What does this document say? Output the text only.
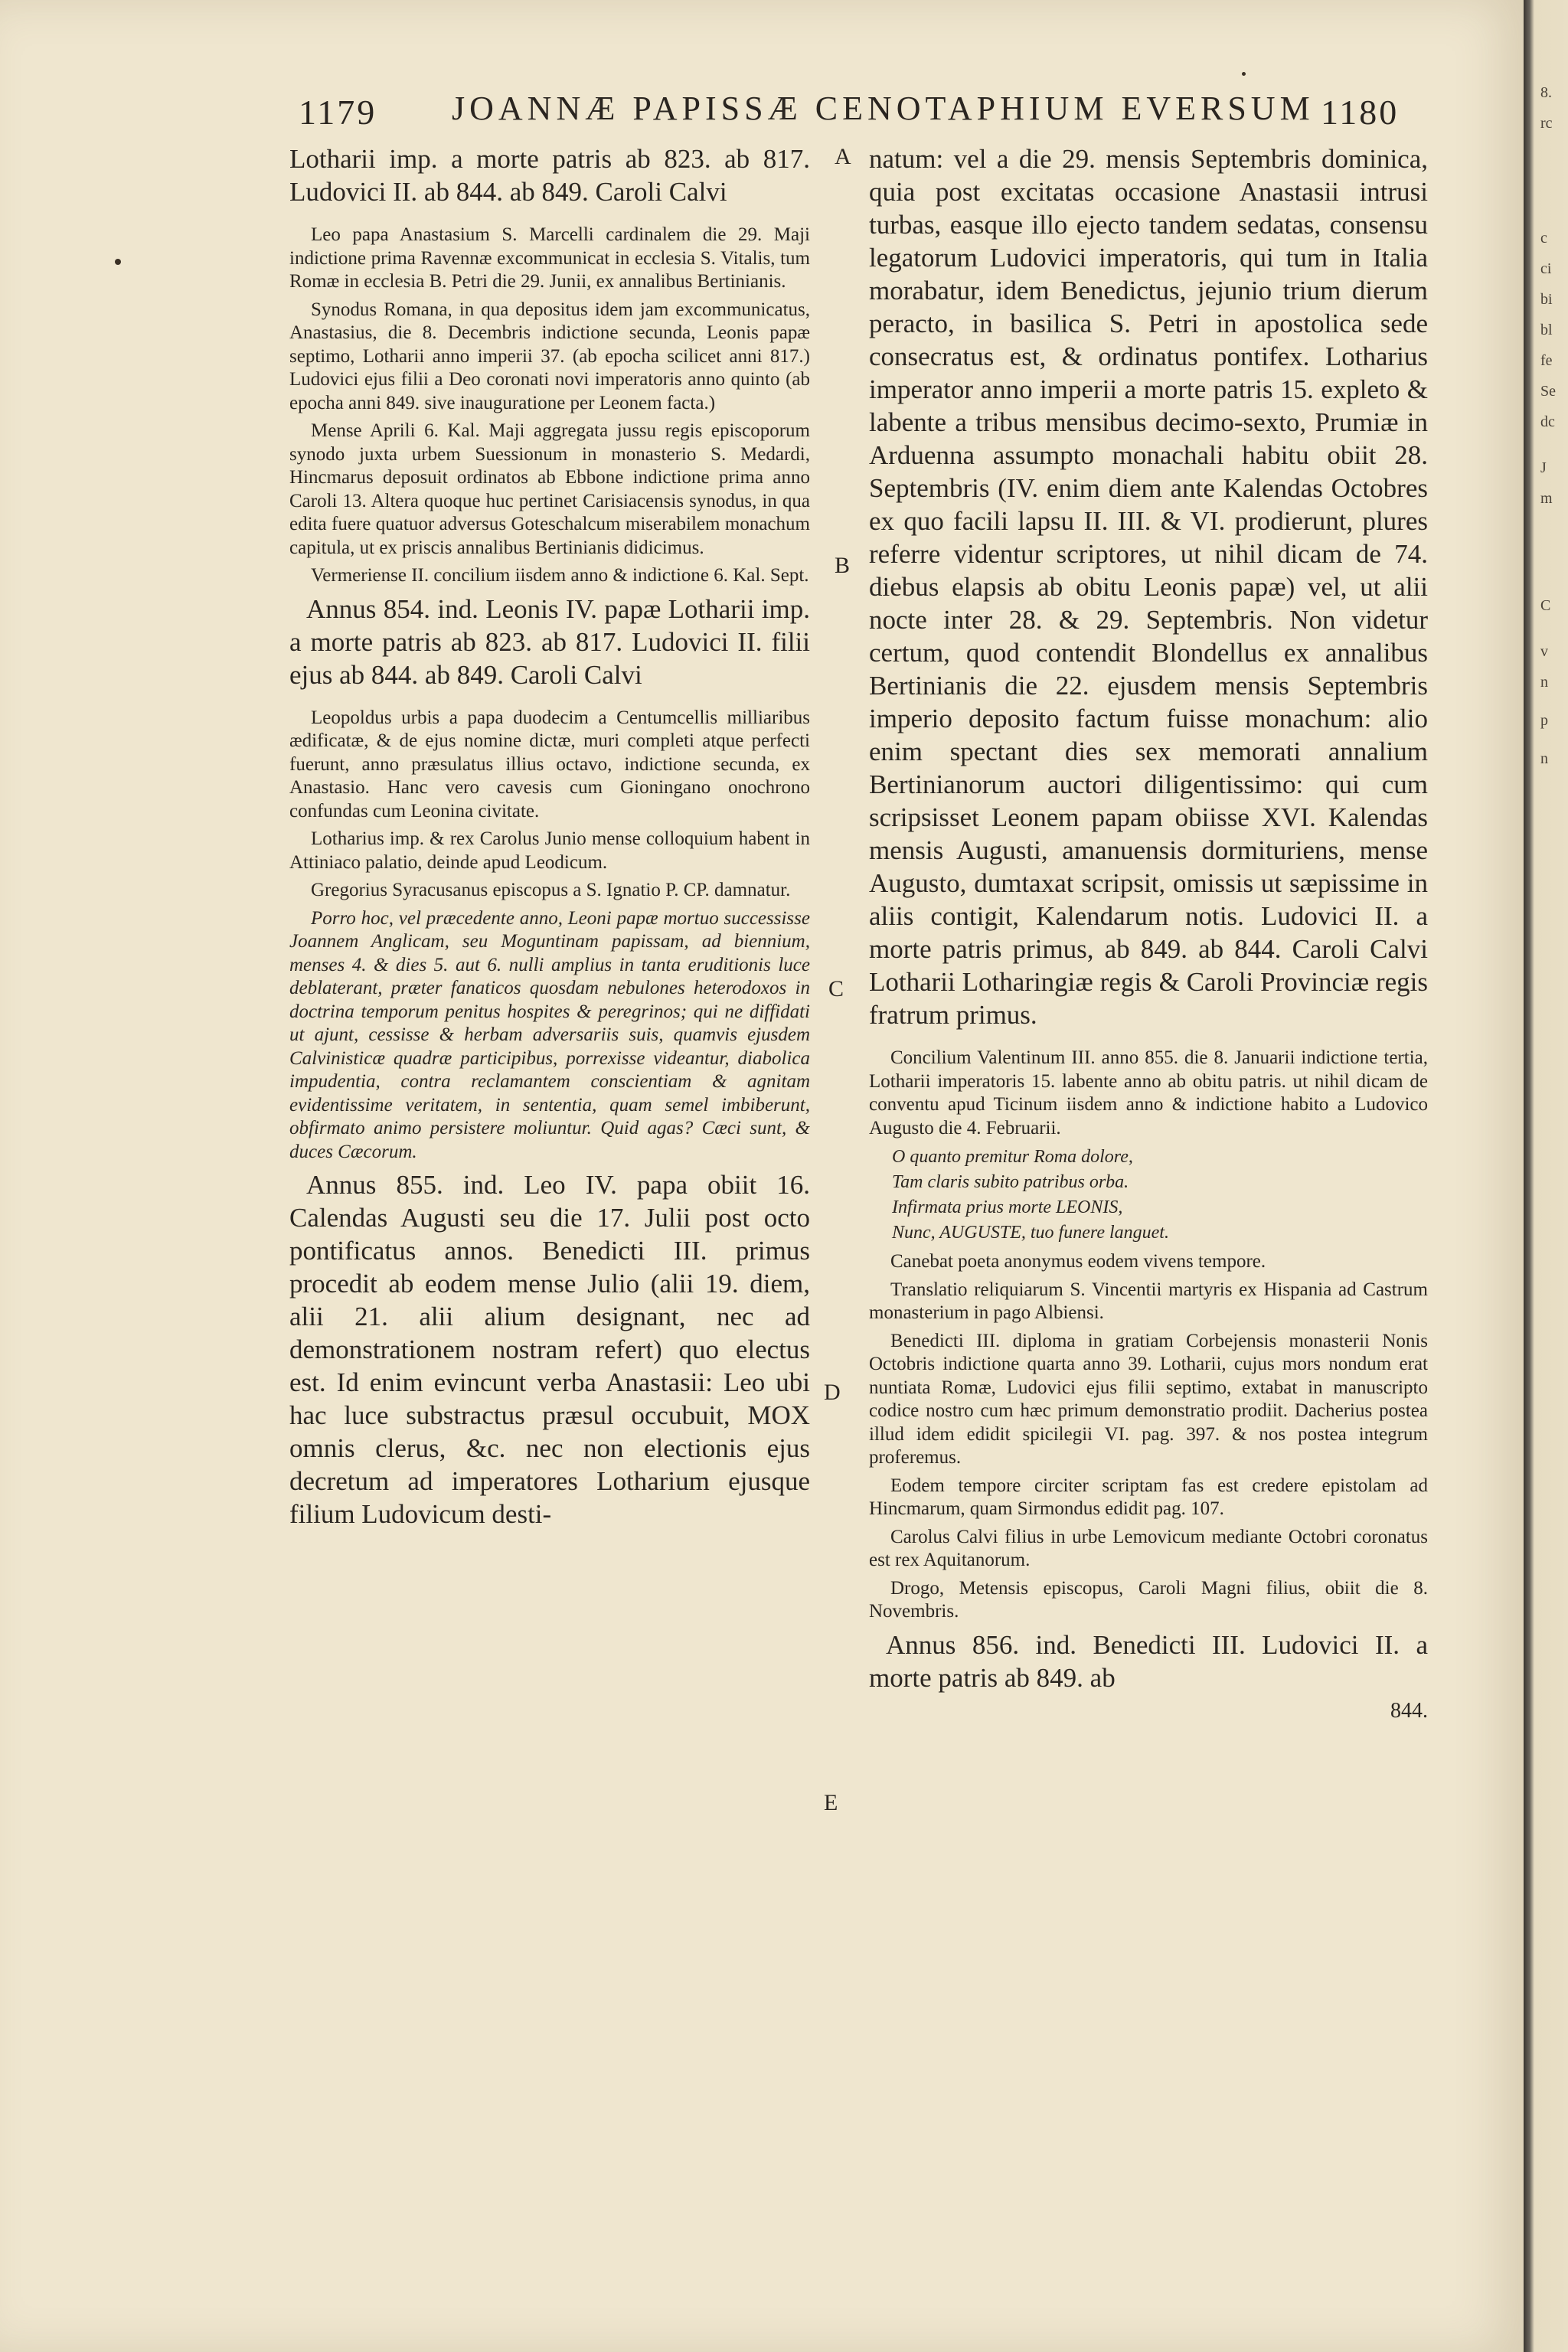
1179 JOANNÆ PAPISSÆ CENOTAPHIUM EVERSUM 1180
A
B
C
D
E

Lotharii imp. a morte patris ab 823. ab 817. Ludovici II. ab 844. ab 849. Caroli Calvi

Leo papa Anastasium S. Marcelli cardinalem die 29. Maji indictione prima Ravennæ excommunicat in ecclesia S. Vitalis, tum Romæ in ecclesia B. Petri die 29. Junii, ex annalibus Bertinianis.

Synodus Romana, in qua depositus idem jam excommunicatus, Anastasius, die 8. Decembris indictione secunda, Leonis papæ septimo, Lotharii anno imperii 37. (ab epocha scilicet anni 817.) Ludovici ejus filii a Deo coronati novi imperatoris anno quinto (ab epocha anni 849. sive inauguratione per Leonem facta.)

Mense Aprili 6. Kal. Maji aggregata jussu regis episcoporum synodo juxta urbem Suessionum in monasterio S. Medardi, Hincmarus deposuit ordinatos ab Ebbone indictione prima anno Caroli 13. Altera quoque huc pertinet Carisiacensis synodus, in qua edita fuere quatuor adversus Goteschalcum miserabilem monachum capitula, ut ex priscis annalibus Bertinianis didicimus.

Vermeriense II. concilium iisdem anno & indictione 6. Kal. Sept.

Annus 854. ind. Leonis IV. papæ Lotharii imp. a morte patris ab 823. ab 817. Ludovici II. filii ejus ab 844. ab 849. Caroli Calvi

Leopoldus urbis a papa duodecim a Centumcellis milliaribus ædificatæ, & de ejus nomine dictæ, muri completi atque perfecti fuerunt, anno præsulatus illius octavo, indictione secunda, ex Anastasio. Hanc vero cavesis cum Gioningano onochrono confundas cum Leonina civitate.

Lotharius imp. & rex Carolus Junio mense colloquium habent in Attiniaco palatio, deinde apud Leodicum.

Gregorius Syracusanus episcopus a S. Ignatio P. CP. damnatur.

Porro hoc, vel præcedente anno, Leoni papæ mortuo successisse Joannem Anglicam, seu Moguntinam papissam, ad biennium, menses 4. & dies 5. aut 6. nulli amplius in tanta eruditionis luce deblaterant, præter fanaticos quosdam nebulones heterodoxos in doctrina temporum penitus hospites & peregrinos; qui ne diffidati ut ajunt, cessisse & herbam adversariis suis, quamvis ejusdem Calvinisticæ quadræ participibus, porrexisse videantur, diabolica impudentia, contra reclamantem conscientiam & agnitam evidentissime veritatem, in sententia, quam semel imbiberunt, obfirmato animo persistere moliuntur. Quid agas? Cæci sunt, & duces Cæcorum.

Annus 855. ind. Leo IV. papa obiit 16. Calendas Augusti seu die 17. Julii post octo pontificatus annos. Benedicti III. primus procedit ab eodem mense Julio (alii 19. diem, alii 21. alii alium designant, nec ad demonstrationem nostram refert) quo electus est. Id enim evincunt verba Anastasii: Leo ubi hac luce substractus præsul occubuit, MOX omnis clerus, &c. nec non electionis ejus decretum ad imperatores Lotharium ejusque filium Ludovicum desti-

natum: vel a die 29. mensis Septembris dominica, quia post excitatas occasione Anastasii intrusi turbas, easque illo ejecto tandem sedatas, consensu legatorum Ludovici imperatoris, qui tum in Italia morabatur, idem Benedictus, jejunio trium dierum peracto, in basilica S. Petri in apostolica sede consecratus est, & ordinatus pontifex. Lotharius imperator anno imperii a morte patris 15. expleto & labente a tribus mensibus decimo-sexto, Prumiæ in Arduenna assumpto monachali habitu obiit 28. Septembris (IV. enim diem ante Kalendas Octobres ex quo facili lapsu II. III. & VI. prodierunt, plures referre videntur scriptores, ut nihil dicam de 74. diebus elapsis ab obitu Leonis papæ) vel, ut alii nocte inter 28. & 29. Septembris. Non videtur certum, quod contendit Blondellus ex annalibus Bertinianis die 22. ejusdem mensis Septembris imperio deposito factum fuisse monachum: alio enim spectant dies sex memorati annalium Bertinianorum auctori diligentissimo: qui cum scripsisset Leonem papam obiisse XVI. Kalendas mensis Augusti, amanuensis dormituriens, mense Augusto, dumtaxat scripsit, omissis ut sæpissime in aliis contigit, Kalendarum notis. Ludovici II. a morte patris primus, ab 849. ab 844. Caroli Calvi Lotharii Lotharingiæ regis & Caroli Provinciæ regis fratrum primus.

Concilium Valentinum III. anno 855. die 8. Januarii indictione tertia, Lotharii imperatoris 15. labente anno ab obitu patris. ut nihil dicam de conventu apud Ticinum iisdem anno & indictione habito a Ludovico Augusto die 4. Februarii.

O quanto premitur Roma dolore,
Tam claris subito patribus orba.
Infirmata prius morte LEONIS,
Nunc, AUGUSTE, tuo funere languet.

Canebat poeta anonymus eodem vivens tempore.

Translatio reliquiarum S. Vincentii martyris ex Hispania ad Castrum monasterium in pago Albiensi.

Benedicti III. diploma in gratiam Corbejensis monasterii Nonis Octobris indictione quarta anno 39. Lotharii, cujus mors nondum erat nuntiata Romæ, Ludovici ejus filii septimo, extabat in manuscripto codice nostro cum hæc primum demonstratio prodiit. Dacherius postea illud idem edidit spicilegii VI. pag. 397. & nos postea integrum proferemus.

Eodem tempore circiter scriptam fas est credere epistolam ad Hincmarum, quam Sirmondus edidit pag. 107.

Carolus Calvi filius in urbe Lemovicum mediante Octobri coronatus est rex Aquitanorum.

Drogo, Metensis episcopus, Caroli Magni filius, obiit die 8. Novembris.

Annus 856. ind. Benedicti III. Ludovici II. a morte patris ab 849. ab

844.
8.
rc
c
ci
bi
bl
fe
Se
dc
J
m
C
v
n
p
n
